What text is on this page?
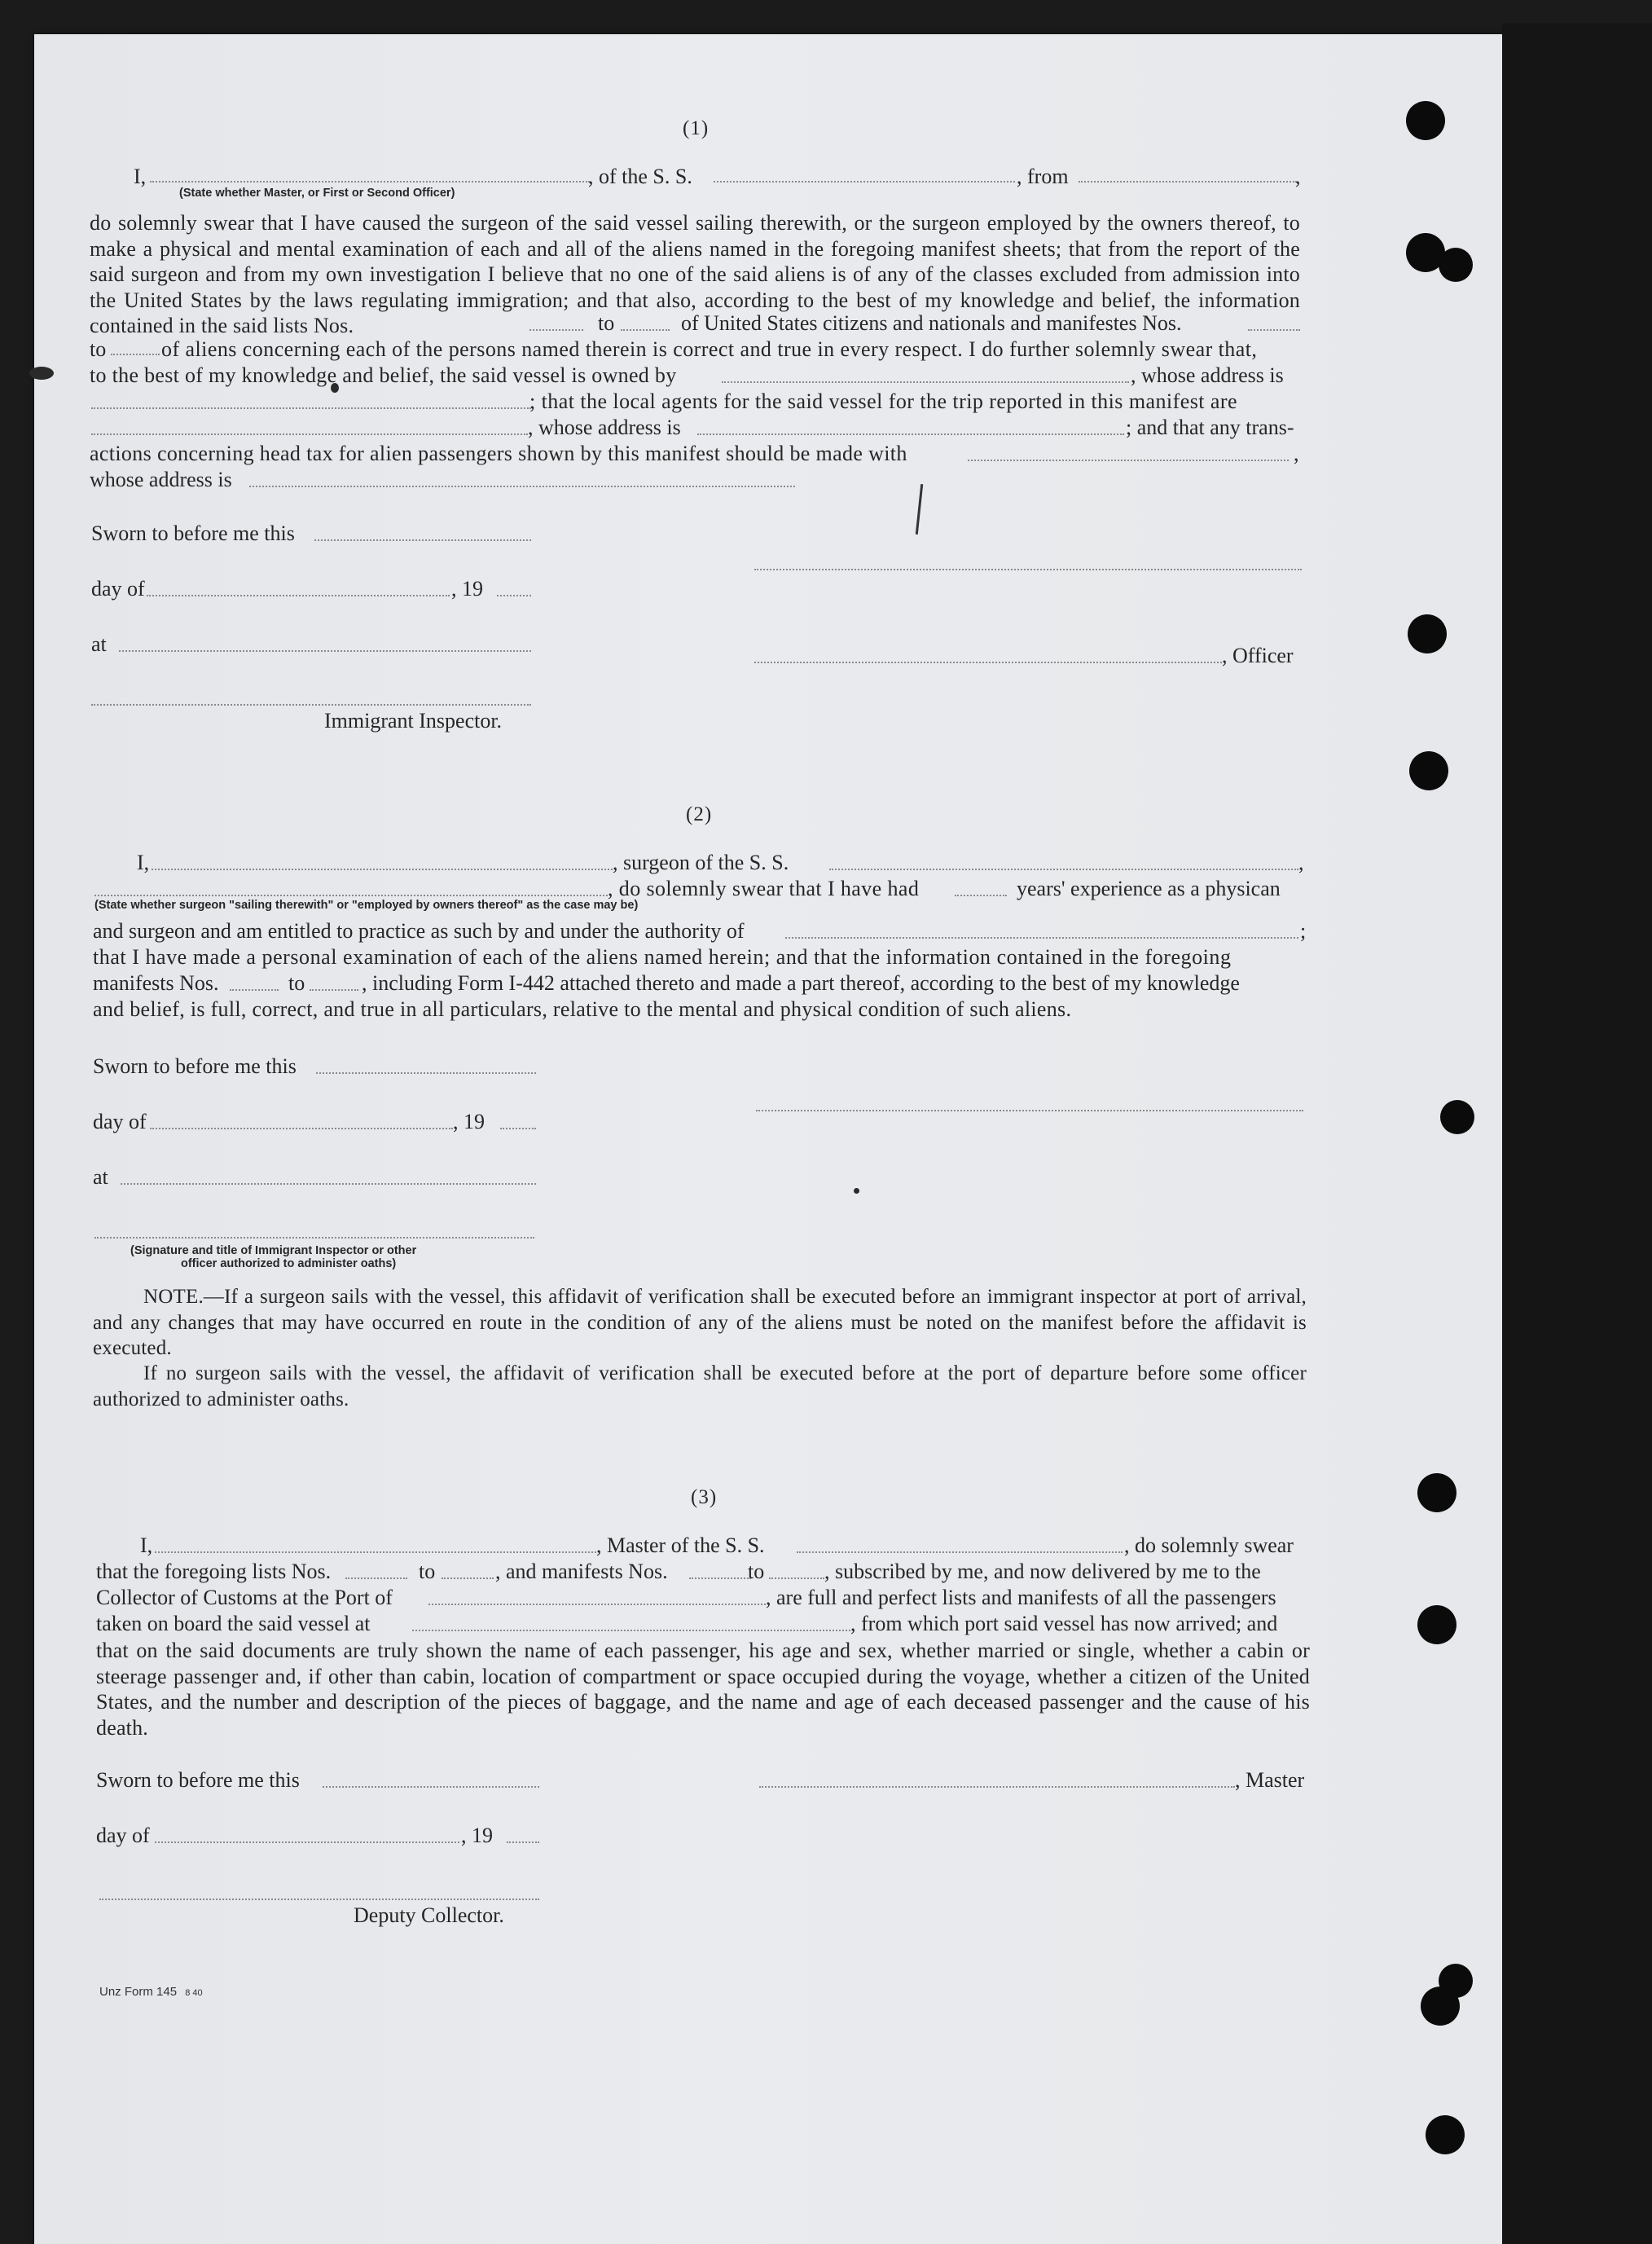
(1)
I,
(State whether Master, or First or Second Officer)
, of the S. S.	, from	,

do solemnly swear that I have caused the surgeon of the said vessel sailing therewith, or the surgeon employed by the owners thereof, to make a physical and mental examination of each and all of the aliens named in the foregoing manifest sheets; that from the report of the said surgeon and from my own investigation I believe that no one of the said aliens is of any of the classes excluded from admission into the United States by the laws regulating immigration; and that also, according to the best of my knowledge and belief, the information contained in the said lists Nos.	to	of United States citizens and nationals and manifestes Nos.
to	of aliens concerning each of the persons named therein is correct and true in every respect. I do further solemnly swear that,
to the best of my knowledge and belief, the said vessel is owned by	, whose address is
; that the local agents for the said vessel for the trip reported in this manifest are
, whose address is	; and that any trans-
actions concerning head tax for alien passengers shown by this manifest should be made with	,
whose address is
Sworn to before me this
day of	, 19
at	, Officer
Immigrant Inspector.
(2)
I,	, surgeon of the S. S.	,
, do solemnly swear that I have had	years' experience as a physican
(State whether surgeon "sailing therewith" or "employed by owners thereof" as the case may be)
and surgeon and am entitled to practice as such by and under the authority of	;
that I have made a personal examination of each of the aliens named herein; and that the information contained in the foregoing
manifests Nos.	to	, including Form I-442 attached thereto and made a part thereof, according to the best of my knowledge
and belief, is full, correct, and true in all particulars, relative to the mental and physical condition of such aliens.
Sworn to before me this
day of	, 19
at
(Signature and title of Immigrant Inspector or other
officer authorized to administer oaths)

NOTE.—If a surgeon sails with the vessel, this affidavit of verification shall be executed before an immigrant inspector at port of arrival, and any changes that may have occurred en route in the condition of any of the aliens must be noted on the manifest before the affidavit is executed.

If no surgeon sails with the vessel, the affidavit of verification shall be executed before at the port of departure before some officer authorized to administer oaths.

(3)
I,	, Master of the S. S.	, do solemnly swear
that the foregoing lists Nos.	to	, and manifests Nos.	to	, subscribed by me, and now delivered by me to the
Collector of Customs at the Port of	, are full and perfect lists and manifests of all the passengers
taken on board the said vessel at	, from which port said vessel has now arrived; and

that on the said documents are truly shown the name of each passenger, his age and sex, whether married or single, whether a cabin or steerage passenger and, if other than cabin, location of compartment or space occupied during the voyage, whether a citizen of the United States, and the number and description of the pieces of baggage, and the name and age of each deceased passenger and the cause of his death.

Sworn to before me this	, Master
day of	, 19
Deputy Collector.
Unz Form 145 8 40
